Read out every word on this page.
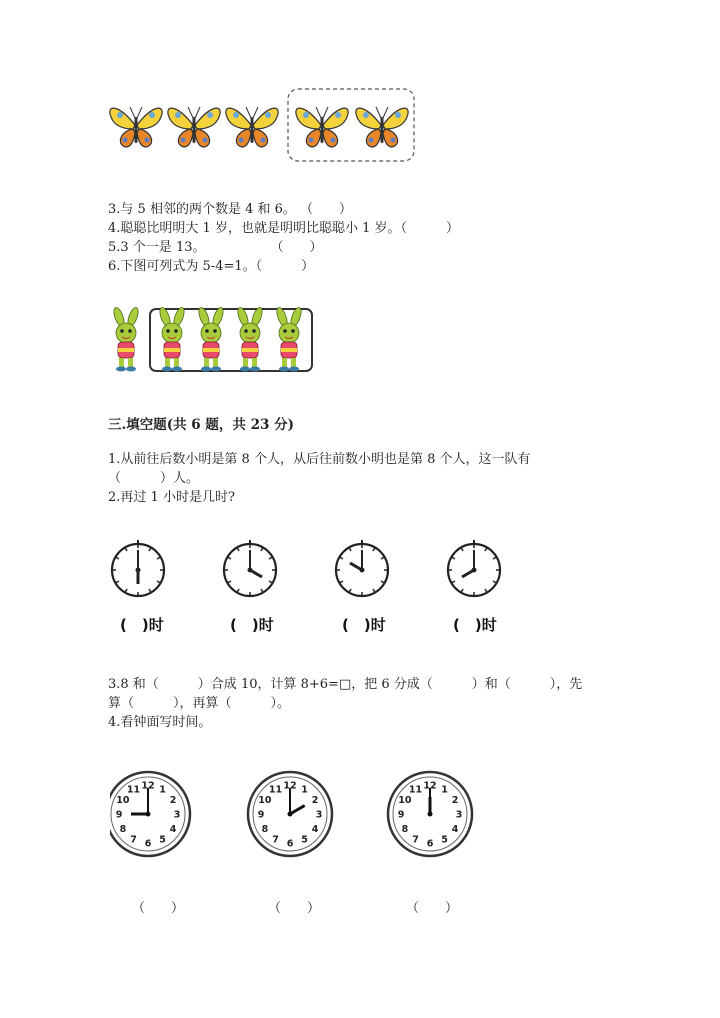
3.与 5 相邻的两个数是 4 和 6。 （　　）
4.聪聪比明明大 1 岁，也就是明明比聪聪小 1 岁。（　　　）
5.3 个一是 13。　　　　　　（　　）
6.下图可列式为 5-4=1。（　　　）
三.填空题(共 6 题，共 23 分)
1.从前往后数小明是第 8 个人，从后往前数小明也是第 8 个人，这一队有
（　　　）人。
2.再过 1 小时是几时?
(　)时	(　)时	(　)时	(　)时
3.8 和（　　　）合成 10，计算 8+6=□，把 6 分成（　　　）和（　　　），先
算（　　　），再算（　　　）。
4.看钟面写时间。
12 1
2
3
4
5
6
7
8
9
10
11	12 1
2
3
4
5
6
7
8
9
10
11	12 1
2
3
4
5
6
7
8
9
10
11
（　　）	（　　）	（　　）
